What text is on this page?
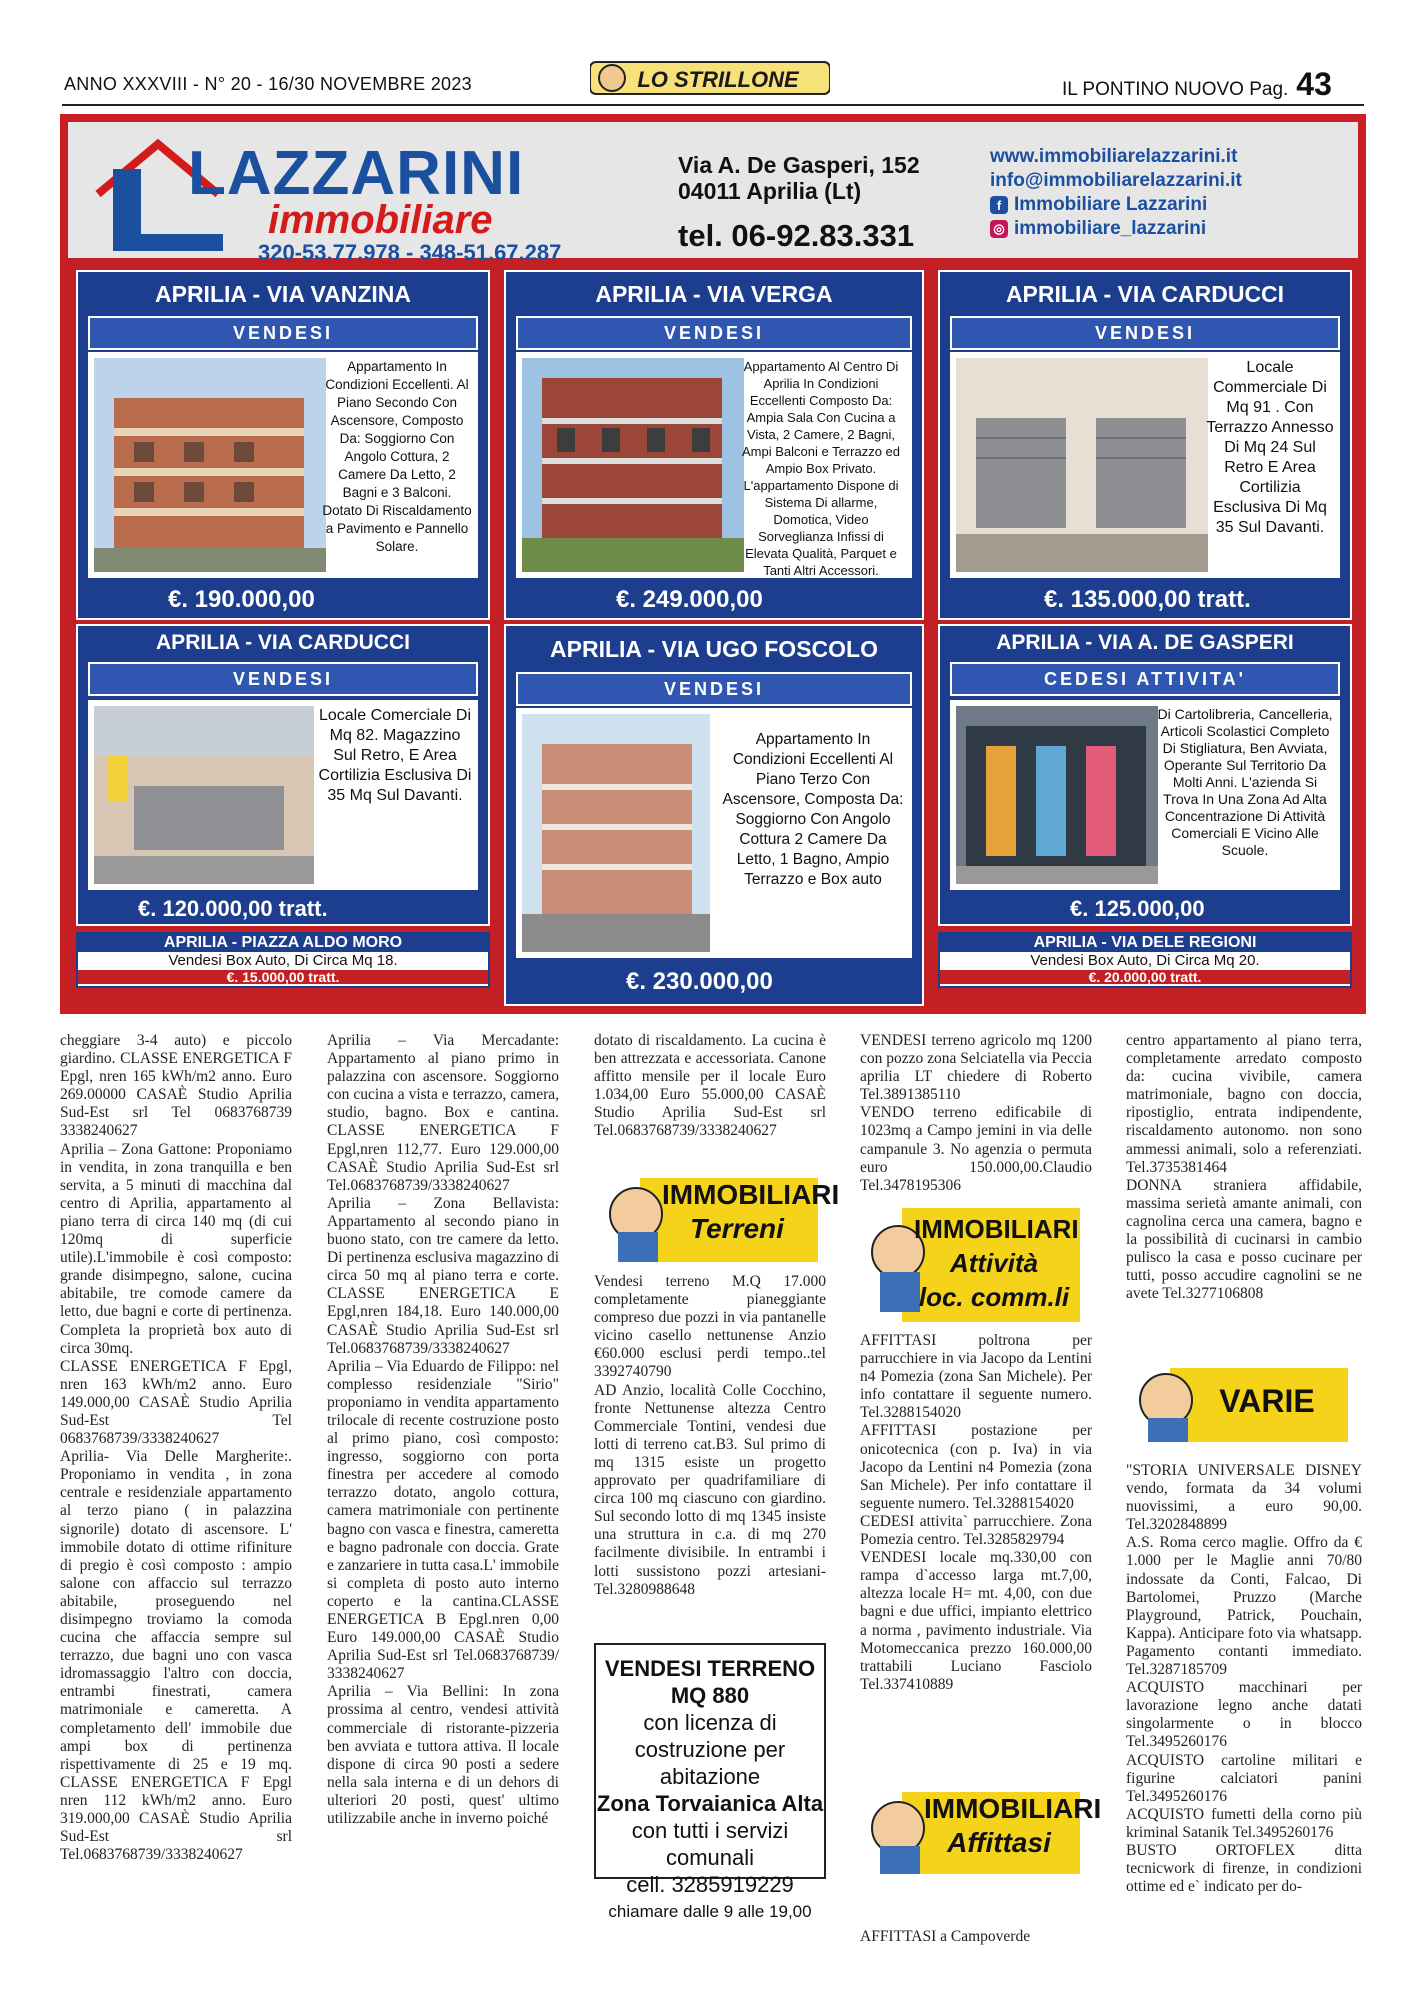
ANNO XXXVIII - N° 20 - 16/30 NOVEMBRE 2023	LO STRILLONE	IL PONTINO NUOVO Pag. 43
LAZZARINI
immobiliare
320-53.77.978 - 348-51.67.287
Via A. De Gasperi, 152
04011 Aprilia (Lt)
tel. 06-92.83.331
www.immobiliarelazzarini.it
info@immobiliarelazzarini.it
f Immobiliare Lazzarini
◎ immobiliare_lazzarini
APRILIA - VIA VANZINA
VENDESI
Appartamento In Condizioni Eccellenti. Al Piano Secondo Con Ascensore, Composto Da: Soggiorno Con Angolo Cottura, 2 Camere Da Letto, 2 Bagni e 3 Balconi. Dotato Di Riscaldamento a Pavimento e Pannello Solare.
€. 190.000,00
APRILIA - VIA VERGA
VENDESI
Appartamento Al Centro Di Aprilia In Condizioni Eccellenti Composto Da: Ampia Sala Con Cucina a Vista, 2 Camere, 2 Bagni, Ampi Balconi e Terrazzo ed Ampio Box Privato. L'appartamento Dispone di Sistema Di allarme, Domotica, Video Sorveglianza Infissi di Elevata Qualità, Parquet e Tanti Altri Accessori.
€. 249.000,00
APRILIA - VIA CARDUCCI
VENDESI
Locale Commerciale Di Mq 91 . Con Terrazzo Annesso Di Mq 24 Sul Retro E Area Cortilizia Esclusiva Di Mq 35 Sul Davanti.
€. 135.000,00 tratt.
APRILIA - VIA CARDUCCI
VENDESI
Locale Comerciale Di Mq 82. Magazzino Sul Retro, E Area Cortilizia Esclusiva Di 35 Mq Sul Davanti.
€. 120.000,00 tratt.
APRILIA - VIA UGO FOSCOLO
VENDESI
Appartamento In Condizioni Eccellenti Al Piano Terzo Con Ascensore, Composta Da: Soggiorno Con Angolo Cottura 2 Camere Da Letto, 1 Bagno, Ampio Terrazzo e Box auto
€. 230.000,00
APRILIA - VIA A. DE GASPERI
CEDESI ATTIVITA'
Di Cartolibreria, Cancelleria, Articoli Scolastici Completo Di Stigliatura, Ben Avviata, Operante Sul Territorio Da Molti Anni. L'azienda Si Trova In Una Zona Ad Alta Concentrazione Di Attività Comerciali E Vicino Alle Scuole.
€. 125.000,00
APRILIA - PIAZZA ALDO MORO
Vendesi Box Auto, Di Circa Mq 18.
€. 15.000,00 tratt.
APRILIA - VIA DELE REGIONI
Vendesi Box Auto, Di Circa Mq 20.
€. 20.000,00 tratt.

cheggiare 3-4 auto) e piccolo giardino. CLASSE ENERGETICA F Epgl, nren 165 kWh/m2 anno. Euro 269.00000 CASAÈ Studio Aprilia Sud-Est srl Tel 0683768739 3338240627

Aprilia – Zona Gattone: Proponiamo in vendita, in zona tranquilla e ben servita, a 5 minuti di macchina dal centro di Aprilia, appartamento al piano terra di circa 140 mq (di cui 120mq di superficie utile).L'immobile è così composto: grande disimpegno, salone, cucina abitabile, tre comode camere da letto, due bagni e corte di pertinenza. Completa la proprietà box auto di circa 30mq.

CLASSE ENERGETICA F Epgl, nren 163 kWh/m2 anno. Euro 149.000,00 CASAÈ Studio Aprilia Sud-Est Tel 0683768739/3338240627

Aprilia- Via Delle Margherite:. Proponiamo in vendita , in zona centrale e residenziale appartamento al terzo piano ( in palazzina signorile) dotato di ascensore. L' immobile dotato di ottime rifiniture di pregio è così composto : ampio salone con affaccio sul terrazzo abitabile, proseguendo nel disimpegno troviamo la comoda cucina che affaccia sempre sul terrazzo, due bagni uno con vasca idromassaggio l'altro con doccia, entrambi finestrati, camera matrimoniale e cameretta. A completamento dell' immobile due ampi box di pertinenza rispettivamente di 25 e 19 mq. CLASSE ENERGETICA F Epgl nren 112 kWh/m2 anno. Euro 319.000,00 CASAÈ Studio Aprilia Sud-Est srl Tel.0683768739/3338240627

Aprilia – Via Mercadante: Appartamento al piano primo in palazzina con ascensore. Soggiorno con cucina a vista e terrazzo, camera, studio, bagno. Box e cantina. CLASSE ENERGETICA F Epgl,nren 112,77. Euro 129.000,00 CASAÈ Studio Aprilia Sud-Est srl Tel.0683768739/3338240627

Aprilia – Zona Bellavista: Appartamento al secondo piano in buono stato, con tre camere da letto. Di pertinenza esclusiva magazzino di circa 50 mq al piano terra e corte. CLASSE ENERGETICA E Epgl,nren 184,18. Euro 140.000,00 CASAÈ Studio Aprilia Sud-Est srl Tel.0683768739/3338240627

Aprilia – Via Eduardo de Filippo: nel complesso residenziale "Sirio" proponiamo in vendita appartamento trilocale di recente costruzione posto al primo piano, così composto: ingresso, soggiorno con porta finestra per accedere al comodo terrazzo dotato, angolo cottura, camera matrimoniale con pertinente bagno con vasca e finestra, cameretta e bagno padronale con doccia. Grate e zanzariere in tutta casa.L' immobile si completa di posto auto interno coperto e la cantina.CLASSE ENERGETICA B Epgl.nren 0,00 Euro 149.000,00 CASAÈ Studio Aprilia Sud-Est srl Tel.0683768739/ 3338240627

Aprilia – Via Bellini: In zona prossima al centro, vendesi attività commerciale di ristorante-pizzeria ben avviata e tuttora attiva. Il locale dispone di circa 90 posti a sedere nella sala interna e di un dehors di ulteriori 20 posti, quest' ultimo utilizzabile anche in inverno poiché

dotato di riscaldamento. La cucina è ben attrezzata e accessoriata. Canone affitto mensile per il locale Euro 1.034,00 Euro 55.000,00 CASAÈ Studio Aprilia Sud-Est srl Tel.0683768739/3338240627

IMMOBILIARI
Terreni

Vendesi terreno M.Q 17.000 completamente pianeggiante compreso due pozzi in via pantanelle vicino casello nettunense Anzio €60.000 esclusi perdi tempo..tel 3392740790

AD Anzio, località Colle Cocchino, fronte Nettunense altezza Centro Commerciale Tontini, vendesi due lotti di terreno cat.B3. Sul primo di mq 1315 esiste un progetto approvato per quadrifamiliare di circa 100 mq ciascuno con giardino. Sul secondo lotto di mq 1345 insiste una struttura in c.a. di mq 270 facilmente divisibile. In entrambi i lotti sussistono pozzi artesiani- Tel.3280988648

VENDESI TERRENO
MQ 880
con licenza di
costruzione per abitazione
Zona Torvaianica Alta
con tutti i servizi
comunali
cell. 3285919229
chiamare dalle 9 alle 19,00

VENDESI terreno agricolo mq 1200 con pozzo zona Selciatella via Peccia aprilia LT chiedere di Roberto Tel.3891385110

VENDO terreno edificabile di 1023mq a Campo jemini in via delle campanule 3. No agenzia o permuta euro 150.000,00.Claudio Tel.3478195306

IMMOBILIARI
Attività
loc. comm.li

AFFITTASI poltrona per parrucchiere in via Jacopo da Lentini n4 Pomezia (zona San Michele). Per info contattare il seguente numero. Tel.3288154020

AFFITTASI postazione per onicotecnica (con p. Iva) in via Jacopo da Lentini n4 Pomezia (zona San Michele). Per info contattare il seguente numero. Tel.3288154020

CEDESI attivita` parrucchiere. Zona Pomezia centro. Tel.3285829794

VENDESI locale mq.330,00 con rampa d`accesso larga mt.7,00, altezza locale H= mt. 4,00, con due bagni e due uffici, impianto elettrico a norma , pavimento industriale. Via Motomeccanica prezzo 160.000,00 trattabili Luciano Fasciolo Tel.337410889

IMMOBILIARI
Affittasi

AFFITTASI a Campoverde

centro appartamento al piano terra, completamente arredato composto da: cucina vivibile, camera matrimoniale, bagno con doccia, ripostiglio, entrata indipendente, riscaldamento autonomo. non sono ammessi animali, solo a referenziati. Tel.3735381464

DONNA straniera affidabile, massima serietà amante animali, con cagnolina cerca una camera, bagno e la possibilità di cucinarsi in cambio pulisco la casa e posso cucinare per tutti, posso accudire cagnolini se ne avete Tel.3277106808

VARIE

"STORIA UNIVERSALE DISNEY vendo, formata da 34 volumi nuovissimi, a euro 90,00. Tel.3202848899

A.S. Roma cerco maglie. Offro da € 1.000 per le Maglie anni 70/80 indossate da Conti, Falcao, Di Bartolomei, Pruzzo (Marche Playground, Patrick, Pouchain, Kappa). Anticipare foto via whatsapp. Pagamento contanti immediato. Tel.3287185709

ACQUISTO macchinari per lavorazione legno anche datati singolarmente o in blocco Tel.3495260176

ACQUISTO cartoline militari e figurine calciatori panini Tel.3495260176

ACQUISTO fumetti della corno più kriminal Satanik Tel.3495260176

BUSTO ORTOFLEX ditta tecnicwork di firenze, in condizioni ottime ed e` indicato per do-
